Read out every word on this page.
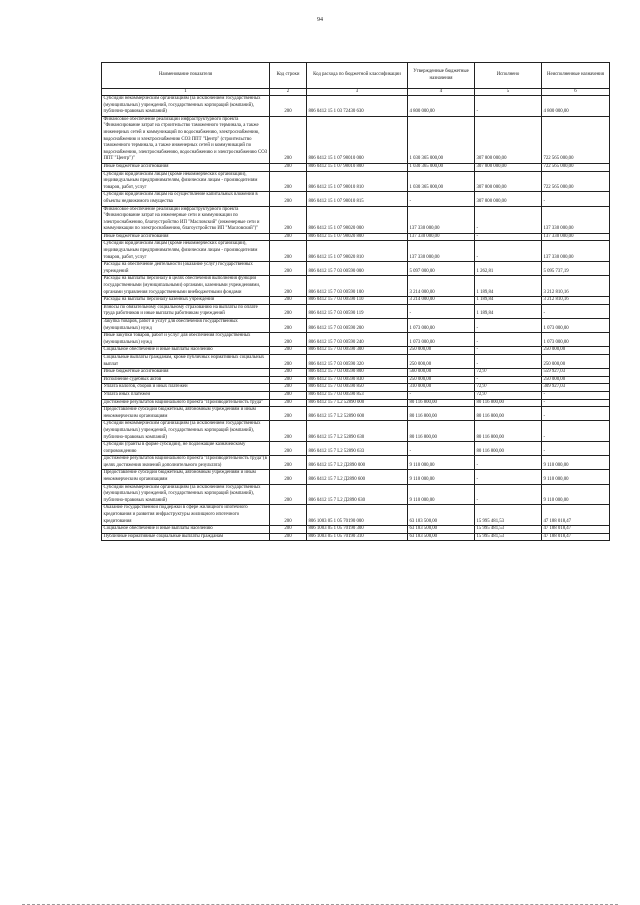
94
Наименование показателя	Код строки	Код расхода по бюджетной классификации	Утвержденные бюджетные назначения	Исполнено	Неисполненные назначения
1	2	3	4	5	6
Субсидии некоммерческим организациям (за исключением государственных (муниципальных) учреждений, государственных корпораций (компаний), публично-правовых компаний)	200	806 0412 15 1 03 72430 630	4 800 000,00	-	4 800 000,00
Финансовое обеспечение реализации инфраструктурного проекта "Финансирование затрат на строительство таможенного терминала, а также инженерных сетей и коммуникаций по водоснабжению, электроснабжению, водоснабжению и электроснабжению СОЗ ППТ "Центр" (строительство таможенного терминала, а также инженерных сетей и коммуникаций по водоснабжению, электроснабжению, водоснабжению и электроснабжению СОЗ ППТ "Центр")"	200	806 0412 15 1 07 98010 000	1 030 365 000,00	307 800 000,00	722 565 000,00
Иные бюджетные ассигнования	200	806 0412 15 1 07 98010 800	1 030 365 000,00	307 800 000,00	722 565 000,00
Субсидии юридическим лицам (кроме некоммерческих организаций), индивидуальным предпринимателям, физическим лицам - производителям товаров, работ, услуг	200	806 0412 15 1 07 98010 810	1 030 365 000,00	307 800 000,00	722 565 000,00
Субсидии юридическим лицам на осуществление капитальных вложений в объекты недвижимого имущества	200	806 0412 15 1 07 98010 815	-	307 800 000,00	-
Финансовое обеспечение реализации инфраструктурного проекта "Финансирование затрат на инженерные сети и коммуникации по электроснабжению, благоустройство ИП "Масловский" (инженерные сети и коммуникации по электроснабжению, благоустройство ИП "Масловский")"	200	806 0412 15 1 07 98020 000	137 330 000,00	-	137 330 000,00
Иные бюджетные ассигнования	200	806 0412 15 1 07 98020 800	137 330 000,00	-	137 330 000,00
Субсидии юридическим лицам (кроме некоммерческих организаций), индивидуальным предпринимателям, физическим лицам - производителям товаров, работ, услуг	200	806 0412 15 1 07 98020 810	137 330 000,00	-	137 330 000,00
Расходы на обеспечение деятельности (оказание услуг) государственных учреждений	200	806 0412 15 7 03 00590 000	5 097 000,00	1 262,81	5 095 737,19
Расходы на выплаты персоналу в целях обеспечения выполнения функций государственными (муниципальными) органами, казенными учреждениями, органами управления государственными внебюджетными фондами	200	806 0412 15 7 03 00590 100	3 214 000,00	1 189,84	3 212 810,16
Расходы на выплаты персоналу казенных учреждений	200	806 0412 15 7 03 00590 110	3 214 000,00	1 189,84	3 212 810,16
Взносы по обязательному социальному страхованию на выплаты по оплате труда работников и иные выплаты работникам учреждений	200	806 0412 15 7 03 00590 119	-	1 189,84	-
Закупка товаров, работ и услуг для обеспечения государственных (муниципальных) нужд	200	806 0412 15 7 03 00590 200	1 073 000,00	-	1 073 000,00
Иные закупки товаров, работ и услуг для обеспечения государственных (муниципальных) нужд	200	806 0412 15 7 03 00590 240	1 073 000,00	-	1 073 000,00
Социальное обеспечение и иные выплаты населению	200	806 0412 15 7 03 00590 300	250 000,00	-	250 000,00
Социальные выплаты гражданам, кроме публичных нормативных социальных выплат	200	806 0412 15 7 03 00590 320	250 000,00	-	250 000,00
Иные бюджетные ассигнования	200	806 0412 15 7 03 00590 800	560 000,00	72,97	559 927,03
Исполнение судебных актов	200	806 0412 15 7 03 00590 830	250 000,00	-	250 000,00
Уплата налогов, сборов и иных платежей	200	806 0412 15 7 03 00590 850	310 000,00	72,97	309 927,03
Уплата иных платежей	200	806 0412 15 7 03 00590 853	-	72,97	-
Достижение результатов национального проекта "Производительность труда"	200	806 0412 15 7 L2 52890 000	80 116 800,00	80 116 800,00	-
Предоставление субсидий бюджетным, автономным учреждениям и иным некоммерческим организациям	200	806 0412 15 7 L2 52890 600	80 116 800,00	80 116 800,00	-
Субсидии некоммерческим организациям (за исключением государственных (муниципальных) учреждений, государственных корпораций (компаний), публично-правовых компаний)	200	806 0412 15 7 L2 52890 630	80 116 800,00	80 116 800,00	-
Субсидии (гранты в форме субсидий), не подлежащие казначейскому сопровождению	200	806 0412 15 7 L2 52890 633	-	80 116 800,00	-
Достижение результатов национального проекта "Производительность труда"(в целях достижения значений дополнительного результата)	200	806 0412 15 7 L2 Д2890 000	9 110 000,00	-	9 110 000,00
Предоставление субсидий бюджетным, автономным учреждениям и иным некоммерческим организациям	200	806 0412 15 7 L2 Д2890 600	9 110 000,00	-	9 110 000,00
Субсидии некоммерческим организациям (за исключением государственных (муниципальных) учреждений, государственных корпораций (компаний), публично-правовых компаний)	200	806 0412 15 7 L2 Д2890 630	9 110 000,00	-	9 110 000,00
Оказание государственной поддержки в сфере жилищного ипотечного кредитования и развития инфраструктуры жилищного ипотечного кредитования	200	806 1003 05 1 05 70190 000	63 183 500,00	15 995 481,53	47 188 018,47
Социальное обеспечение и иные выплаты населению	200	806 1003 05 1 05 70190 300	63 183 500,00	15 995 481,53	47 188 018,47
Публичные нормативные социальные выплаты гражданам	200	806 1003 05 1 05 70190 310	63 183 500,00	15 995 481,53	47 188 018,47
